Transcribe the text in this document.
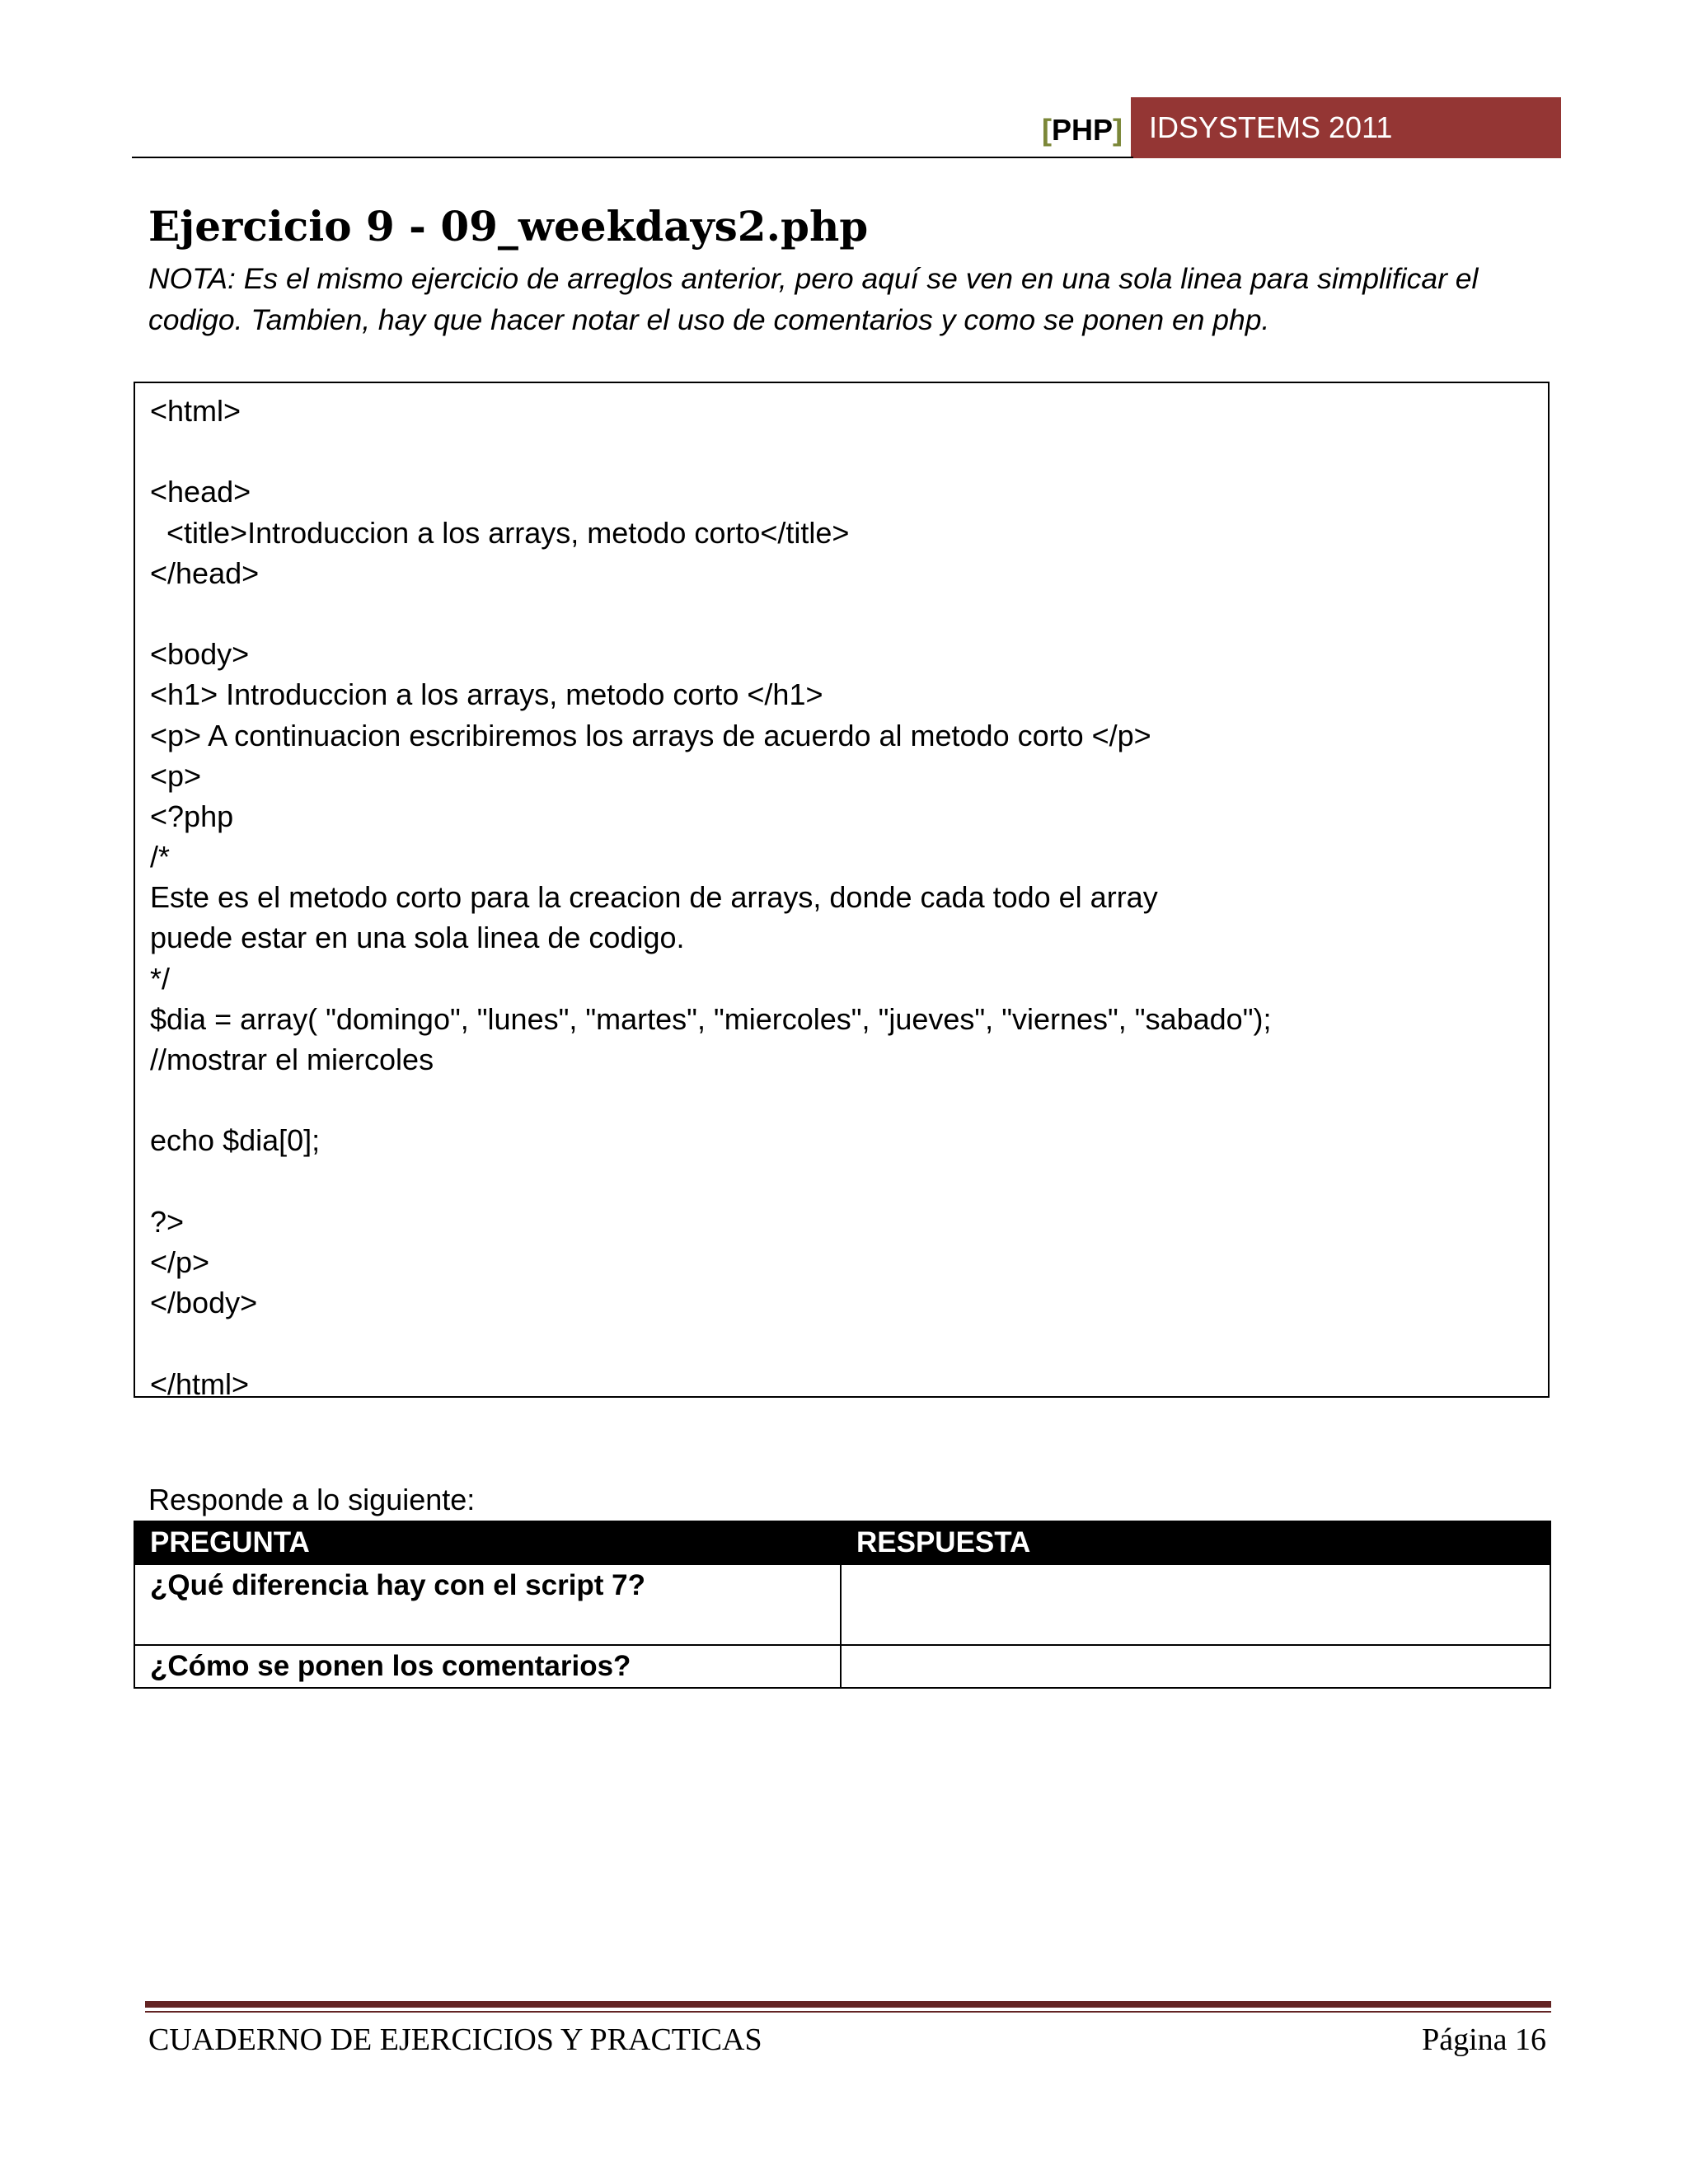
[PHP] IDSYSTEMS 2011
Ejercicio 9 - 09_weekdays2.php
NOTA: Es el mismo ejercicio de arreglos anterior, pero aquí se ven en una sola linea para simplificar el
codigo. Tambien, hay que hacer notar el uso de comentarios y como se ponen en php.
<html>
<head>
<title>Introduccion a los arrays, metodo corto</title>
</head>
<body>
<h1> Introduccion a los arrays, metodo corto </h1>
<p> A continuacion escribiremos los arrays de acuerdo al metodo corto </p>
<p>
<?php
/*
Este es el metodo corto para la creacion de arrays, donde cada todo el array
puede estar en una sola linea de codigo.
*/
$dia = array( "domingo", "lunes", "martes", "miercoles", "jueves", "viernes", "sabado");
//mostrar el miercoles
echo $dia[0];
?>
</p>
</body>
</html>
Responde a lo siguiente:
PREGUNTA	RESPUESTA
¿Qué diferencia hay con el script 7?	
¿Cómo se ponen los comentarios?	
CUADERNO DE EJERCICIOS Y PRACTICAS	Página 16
